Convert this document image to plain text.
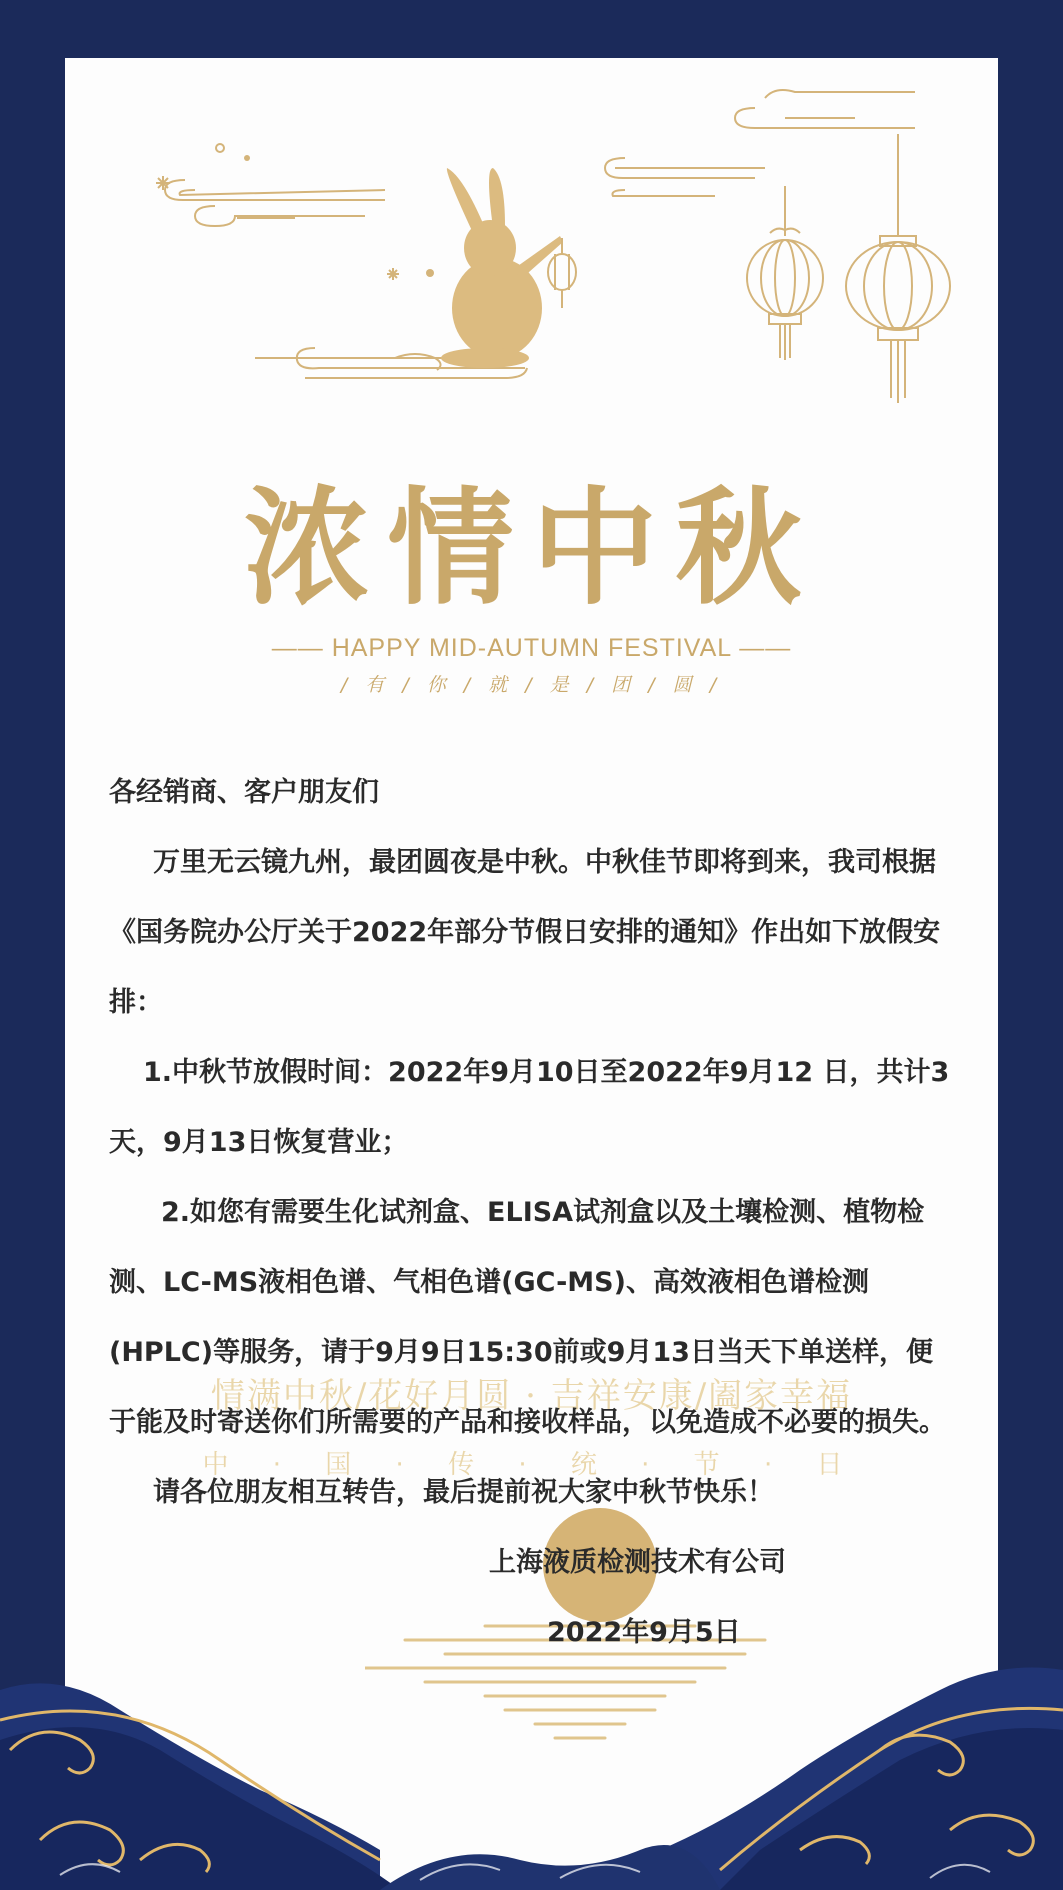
浓情中秋
—— HAPPY MID-AUTUMN FESTIVAL ——
/ 有 / 你 / 就 / 是 / 团 / 圆 /
情满中秋/花好月圆 · 吉祥安康/阖家幸福
中 · 国 · 传 · 统 · 节 · 日

各经销商、客户朋友们

万里无云镜九州，最团圆夜是中秋。中秋佳节即将到来，我司根据《国务院办公厅关于2022年部分节假日安排的通知》作出如下放假安排：

1.中秋节放假时间：2022年9月10日至2022年9月12 日，共计3天，9月13日恢复营业；

2.如您有需要生化试剂盒、ELISA试剂盒以及土壤检测、植物检测、LC-MS液相色谱、气相色谱(GC-MS)、高效液相色谱检测(HPLC)等服务，请于9月9日15:30前或9月13日当天下单送样，便于能及时寄送你们所需要的产品和接收样品，以免造成不必要的损失。

请各位朋友相互转告，最后提前祝大家中秋节快乐！

上海液质检测技术有公司

2022年9月5日
